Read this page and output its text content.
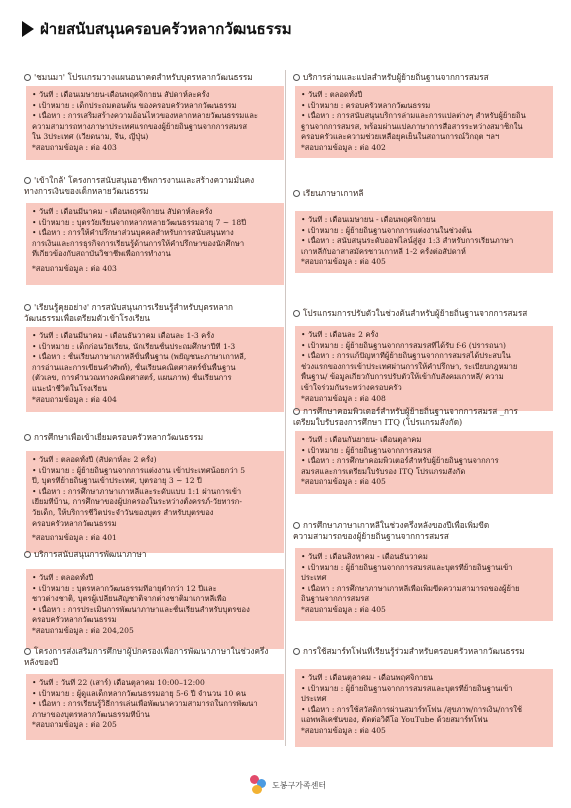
ฝ่ายสนับสนุนครอบครัวหลากวัฒนธรรม
'ชมนมา' โปรแกรมวางแผนอนาคตสำหรับบุตรหลากวัฒนธรรม
• วันที่ : เดือนเมษายน-เดือนพฤศจิกายน สัปดาห์ละครั้ง
• เป้าหมาย : เด็กประถมตอนต้น ของครอบครัวหลากวัฒนธรรม
• เนื้อหา : การเสริมสร้างความอ้อนไหวของหลากหลายวัฒนธรรมและ
ความสามารถทางภาษาประเทศแรกของผู้ย้ายถิ่นฐานจากการสมรส
ใน 3ประเทศ (เวียดนาม, จีน, ญี่ปุ่น)
*สอบถามข้อมูล : ต่อ 403
'เข้าใกล้' โครงการสนับสนุนอาชีพการงานและสร้างความมั่นคง
ทางการเงินของเด็กหลายวัฒนธรรม
• วันที่ : เดือนมีนาคม - เดือนพฤศจิกายน สัปดาห์ละครั้ง
• เป้าหมาย : บุตรวัยเรียนจากหลากหลายวัฒนธรรมอายุ 7 ~ 18ปี
• เนื้อหา : การให้คำปรึกษาส่วนบุคคลสำหรับการสนับสนุนทาง
การเงินและการธุรกิจการเรียนรู้ด้านการให้คำปรึกษาของนักศึกษา
ที่เกี่ยวข้องกับสถาบันวิชาชีพเพื่อการทำงาน
*สอบถามข้อมูล : ต่อ 403
'เรียนรู้คุยอย่าง' การสนับสนุนการเรียนรู้สำหรับบุตรหลาก
วัฒนธรรมเพื่อเตรียมตัวเข้าโรงเรียน
• วันที่ : เดือนมีนาคม - เดือนธันวาคม เดือนละ 1-3 ครั้ง
• เป้าหมาย : เด็กก่อนวัยเรียน, นักเรียนชั้นประถมศึกษาปีที่ 1-3
• เนื้อหา : ชั้นเรียนภาษาเกาหลีขั้นพื้นฐาน (พยัญชนะภาษาเกาหลี,
การอ่านและการเขียนคำศัพท์), ชั้นเรียนคณิตศาสตร์ขั้นพื้นฐาน
(ตัวเลข, การคำนวณทางคณิตศาสตร์, แผนภาพ) ชั้นเรียนการ
แนะนำชีวิตในโรงเรียน
*สอบถามข้อมูล : ต่อ 404
การศึกษาเพื่อเข้าเยี่ยมครอบครัวหลากวัฒนธรรม
• วันที่ : ตลอดทั้งปี (สัปดาห์ละ 2 ครั้ง)
• เป้าหมาย : ผู้ย้ายถิ่นฐานจากการแต่งงาน เข้าประเทศน้อยกว่า 5
ปี, บุตรที่ย้ายถิ่นฐานเข้าประเทศ, บุตรอายุ 3 ~ 12 ปี
• เนื้อหา : การศึกษาภาษาเกาหลีและระดับแบบ 1:1 ผ่านการเข้า
เยี่ยมที่บ้าน, การศึกษาของผู้ปกครองในระหว่างตั้งครรภ์-วัยทารก-
วัยเด็ก, ให้บริการชีวิตประจำวันของบุตร สำหรับบุตรของ
ครอบครัวหลากวัฒนธรรม
*สอบถามข้อมูล : ต่อ 401
บริการสนับสนุนการพัฒนาภาษา
• วันที่ : ตลอดทั้งปี
• เป้าหมาย : บุตรหลากวัฒนธรรมที่อายุต่ำกว่า 12 ปีและ
ชาวต่างชาติ, บุตรผู้เปลี่ยนสัญชาติจากต่างชาติมาเกาหลีเพื่อ
• เนื้อหา : การประเมินการพัฒนาภาษาและชั้นเรียนสำหรับบุตรของ
ครอบครัวหลากวัฒนธรรม
*สอบถามข้อมูล : ต่อ 204,205
โครงการส่งเสริมการศึกษาผู้ปกครองเพื่อการพัฒนาภาษาในช่วงครึ่ง
หลังของปี
• วันที่ : วันที่ 22 (เสาร์) เดือนตุลาคม 10:00–12:00
• เป้าหมาย : ผู้ดูแลเด็กหลากวัฒนธรรมอายุ 5-6 ปี จำนวน 10 คน
• เนื้อหา : การเรียนรู้วิธีการเล่นเพื่อพัฒนาความสามารถในการพัฒนา
ภาษาของบุตรหลากวัฒนธรรมที่บ้าน
*สอบถามข้อมูล : ต่อ 205
บริการล่ามและแปลสำหรับผู้ย้ายถิ่นฐานจากการสมรส
• วันที่ : ตลอดทั้งปี
• เป้าหมาย : ครอบครัวหลากวัฒนธรรม
• เนื้อหา : การสนับสนุนบริการล่ามและการแปลต่างๆ สำหรับผู้ย้ายถิ่น
ฐานจากการสมรส, พร้อมผ่านแปลภาษาการสื่อสารระหว่างสมาชิกใน
ครอบครัวและความช่วยเหลือยุคเย็นในสถานการณ์วิกฤต ฯลฯ
*สอบถามข้อมูล : ต่อ 402
เรียนภาษาเกาหลี
• วันที่ : เดือนเมษายน - เดือนพฤศจิกายน
• เป้าหมาย : ผู้ย้ายถิ่นฐานจากการแต่งงานในช่วงต้น
• เนื้อหา : สนับสนุนระดับออฟไลน์สู่สูง 1:3 สำหรับการเรียนภาษา
เกาหลีกับอาสาสมัครชาวเกาหลี 1-2 ครั้งต่อสัปดาห์
*สอบถามข้อมูล : ต่อ 405
โปรแกรมการปรับตัวในช่วงต้นสำหรับผู้ย้ายถิ่นฐานจากการสมรส
• วันที่ : เดือนละ 2 ครั้ง
• เป้าหมาย : ผู้ย้ายถิ่นฐานจากการสมรสที่ได้รับ f-6 (ปรารถนา)
• เนื้อหา : การแก้ปัญหาที่ผู้ย้ายถิ่นฐานจากการสมรสได้ประสบใน
ช่วงแรกของการเข้าประเทศผ่านการให้คำปรึกษา, ระเบียบกฎหมาย
พื้นฐาน/ ข้อมูลเกี่ยวกับการปรับตัวให้เข้ากับสังคมเกาหลี/ ความ
เข้าใจร่วมกันระหว่างครอบครัว
*สอบถามข้อมูล : ต่อ 408
การศึกษาคอมพิวเตอร์สำหรับผู้ย้ายถิ่นฐานจากการสมรส _การ
เตรียมใบรับรองการศึกษา ITQ (โปรแกรมสังกัด)
• วันที่ : เดือนกันยายน- เดือนตุลาคม
• เป้าหมาย : ผู้ย้ายถิ่นฐานจากการสมรส
• เนื้อหา : การศึกษาคอมพิวเตอร์สำหรับผู้ย้ายถิ่นฐานจากการ
สมรสและการเตรียมใบรับรอง ITQ โปรแกรมสังกัด
*สอบถามข้อมูล : ต่อ 405
การศึกษาภาษาเกาหลีในช่วงครึ่งหลังของปีเพื่อเพิ่มขีด
ความสามารถของผู้ย้ายถิ่นฐานจากการสมรส
• วันที่ : เดือนสิงหาคม - เดือนธันวาคม
• เป้าหมาย : ผู้ย้ายถิ่นฐานจากการสมรสและบุตรที่ย้ายถิ่นฐานเข้า
ประเทศ
• เนื้อหา : การศึกษาภาษาเกาหลีเพื่อเพิ่มขีดความสามารถของผู้ย้าย
ถิ่นฐานจากการสมรส
*สอบถามข้อมูล : ต่อ 405
การใช้สมาร์ทโฟนที่เรียนรู้ร่วมสำหรับครอบครัวหลากวัฒนธรรม
• วันที่ : เดือนตุลาคม - เดือนพฤศจิกายน
• เป้าหมาย : ผู้ย้ายถิ่นฐานจากการสมรสและบุตรที่ย้ายถิ่นฐานเข้า
ประเทศ
• เนื้อหา : การใช้สวัสดิการผ่านสมาร์ทโฟน /สุขภาพ/การเงิน/การใช้
แอพพลิเคชั่นของ, ตัดต่อวิดีโอ YouTube ด้วยสมาร์ทโฟน
*สอบถามข้อมูล : ต่อ 405
도봉구가족센터
